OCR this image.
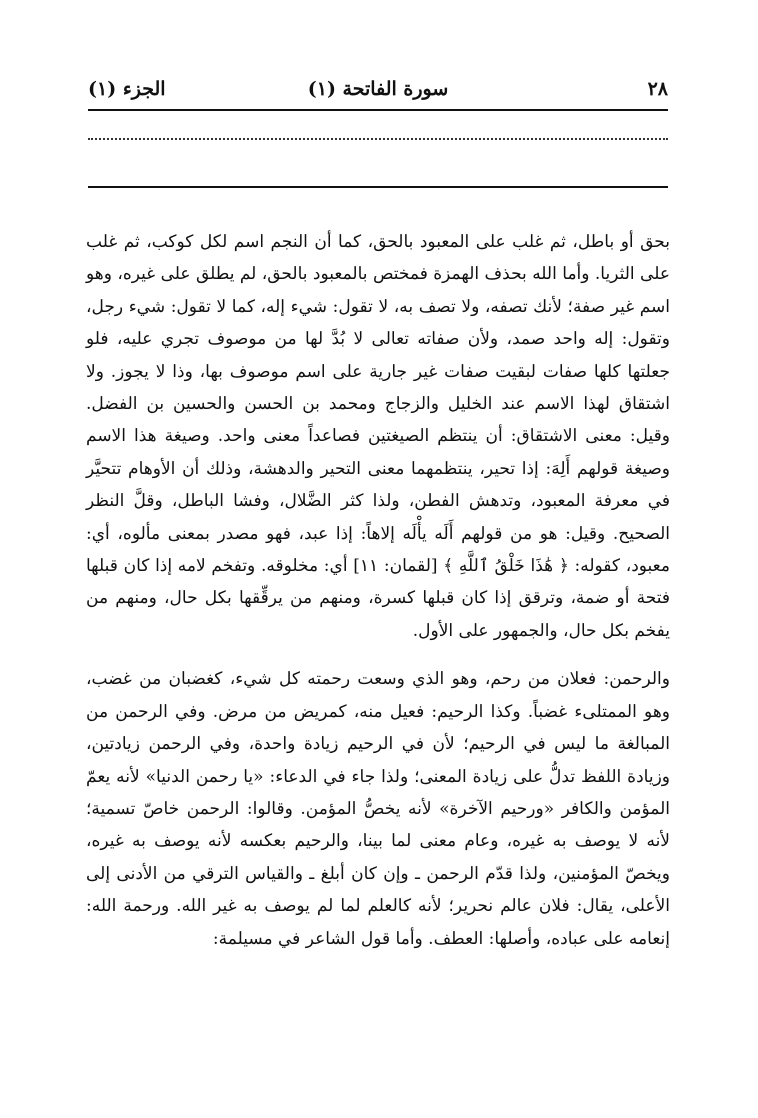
٢٨
سورة الفاتحة (١)
الجزء (١)

بحق أو باطل، ثم غلب على المعبود بالحق، كما أن النجم اسم لكل كوكب، ثم غلب على الثريا. وأما الله بحذف الهمزة فمختص بالمعبود بالحق، لم يطلق على غيره، وهو اسم غير صفة؛ لأنك تصفه، ولا تصف به، لا تقول: شيء إله، كما لا تقول: شيء رجل، وتقول: إله واحد صمد، ولأن صفاته تعالى لا بُدَّ لها من موصوف تجري عليه، فلو جعلتها كلها صفات لبقيت صفات غير جارية على اسم موصوف بها، وذا لا يجوز. ولا اشتقاق لهذا الاسم عند الخليل والزجاج ومحمد بن الحسن والحسين بن الفضل. وقيل: معنى الاشتقاق: أن ينتظم الصيغتين فصاعداً معنى واحد. وصيغة هذا الاسم وصيغة قولهم أَلِهَ: إذا تحير، ينتظمهما معنى التحير والدهشة، وذلك أن الأوهام تتحيَّر في معرفة المعبود، وتدهش الفطن، ولذا كثر الضَّلال، وفشا الباطل، وقلَّ النظر الصحيح. وقيل: هو من قولهم أَلَه يأْلَه إلاهاً: إذا عبد، فهو مصدر بمعنى مألوه، أي: معبود، كقوله: ﴿ هَٰذَا خَلْقُ ٱللَّهِ ﴾ [لقمان: ١١] أي: مخلوقه. وتفخم لامه إذا كان قبلها فتحة أو ضمة، وترقق إذا كان قبلها كسرة، ومنهم من يرقِّقها بكل حال، ومنهم من يفخم بكل حال، والجمهور على الأول.

والرحمن: فعلان من رحم، وهو الذي وسعت رحمته كل شيء، كغضبان من غضب، وهو الممتلىء غضباً. وكذا الرحيم: فعيل منه، كمريض من مرض. وفي الرحمن من المبالغة ما ليس في الرحيم؛ لأن في الرحيم زيادة واحدة، وفي الرحمن زيادتين، وزيادة اللفظ تدلُّ على زيادة المعنى؛ ولذا جاء في الدعاء: «يا رحمن الدنيا» لأنه يعمّ المؤمن والكافر «ورحيم الآخرة» لأنه يخصُّ المؤمن. وقالوا: الرحمن خاصّ تسمية؛ لأنه لا يوصف به غيره، وعام معنى لما بينا، والرحيم بعكسه لأنه يوصف به غيره، ويخصّ المؤمنين، ولذا قدّم الرحمن ـ وإن كان أبلغ ـ والقياس الترقي من الأدنى إلى الأعلى، يقال: فلان عالم نحرير؛ لأنه كالعلم لما لم يوصف به غير الله. ورحمة الله: إنعامه على عباده، وأصلها: العطف. وأما قول الشاعر في مسيلمة:
